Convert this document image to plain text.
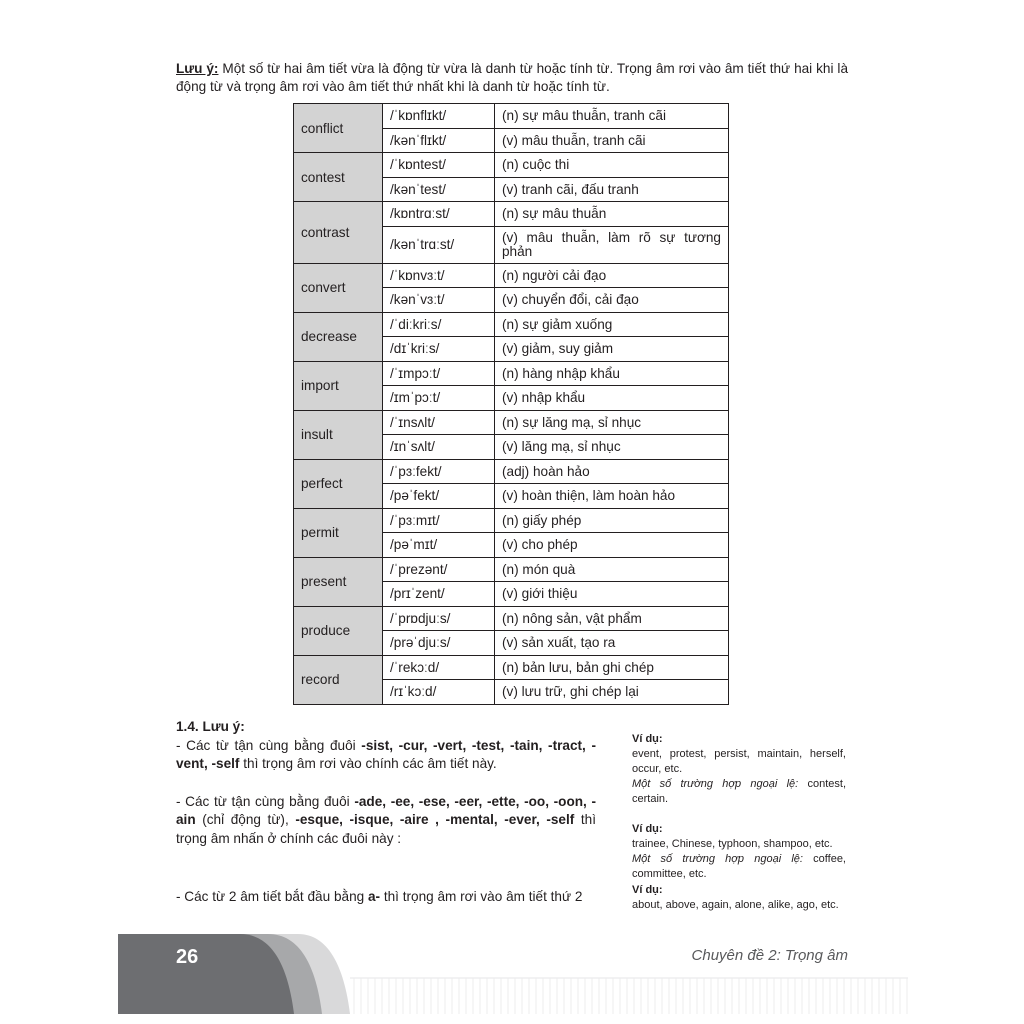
Lưu ý: Một số từ hai âm tiết vừa là động từ vừa là danh từ hoặc tính từ. Trọng âm rơi vào âm tiết thứ hai khi là động từ và trọng âm rơi vào âm tiết thứ nhất khi là danh từ hoặc tính từ.
conflict	/ˈkɒnflɪkt/	(n) sự mâu thuẫn, tranh cãi
	/kənˈflɪkt/	(v) mâu thuẫn, tranh cãi
contest	/ˈkɒntest/	(n) cuộc thi
	/kənˈtest/	(v) tranh cãi, đấu tranh
contrast	/kɒntrɑːst/	(n) sự mâu thuẫn
	/kənˈtrɑːst/	(v) mâu thuẫn, làm rõ sự tương phản
convert	/ˈkɒnvɜːt/	(n) người cải đạo
	/kənˈvɜːt/	(v) chuyển đổi, cải đạo
decrease	/ˈdiːkriːs/	(n) sự giảm xuống
	/dɪˈkriːs/	(v) giảm, suy giảm
import	/ˈɪmpɔːt/	(n) hàng nhập khẩu
	/ɪmˈpɔːt/	(v) nhập khẩu
insult	/ˈɪnsʌlt/	(n) sự lăng mạ, sỉ nhục
	/ɪnˈsʌlt/	(v) lăng mạ, sỉ nhục
perfect	/ˈpɜːfekt/	(adj) hoàn hảo
	/pəˈfekt/	(v) hoàn thiện, làm hoàn hảo
permit	/ˈpɜːmɪt/	(n) giấy phép
	/pəˈmɪt/	(v) cho phép
present	/ˈprezənt/	(n) món quà
	/prɪˈzent/	(v) giới thiệu
produce	/ˈprɒdjuːs/	(n) nông sản, vật phẩm
	/prəˈdjuːs/	(v) sản xuất, tạo ra
record	/ˈrekɔːd/	(n) bản lưu, bản ghi chép
	/rɪˈkɔːd/	(v) lưu trữ, ghi chép lại

1.4. Lưu ý:

- Các từ tận cùng bằng đuôi -sist, -cur, -vert, -test, -tain, -tract, -vent, -self thì trọng âm rơi vào chính các âm tiết này.

- Các từ tận cùng bằng đuôi -ade, -ee, -ese, -eer, -ette, -oo, -oon, -ain (chỉ động từ), -esque, -isque, -aire , -mental, -ever, -self thì trọng âm nhấn ở chính các đuôi này :

- Các từ 2 âm tiết bắt đầu bằng a- thì trọng âm rơi vào âm tiết thứ 2

Ví dụ:
event, protest, persist, maintain, herself, occur, etc.
Một số trường hợp ngoại lệ: contest, certain.
Ví dụ:
trainee, Chinese, typhoon, shampoo, etc.
Một số trường hợp ngoại lệ: coffee, committee, etc.
Ví dụ:
about, above, again, alone, alike, ago, etc.
26	Chuyên đề 2: Trọng âm
